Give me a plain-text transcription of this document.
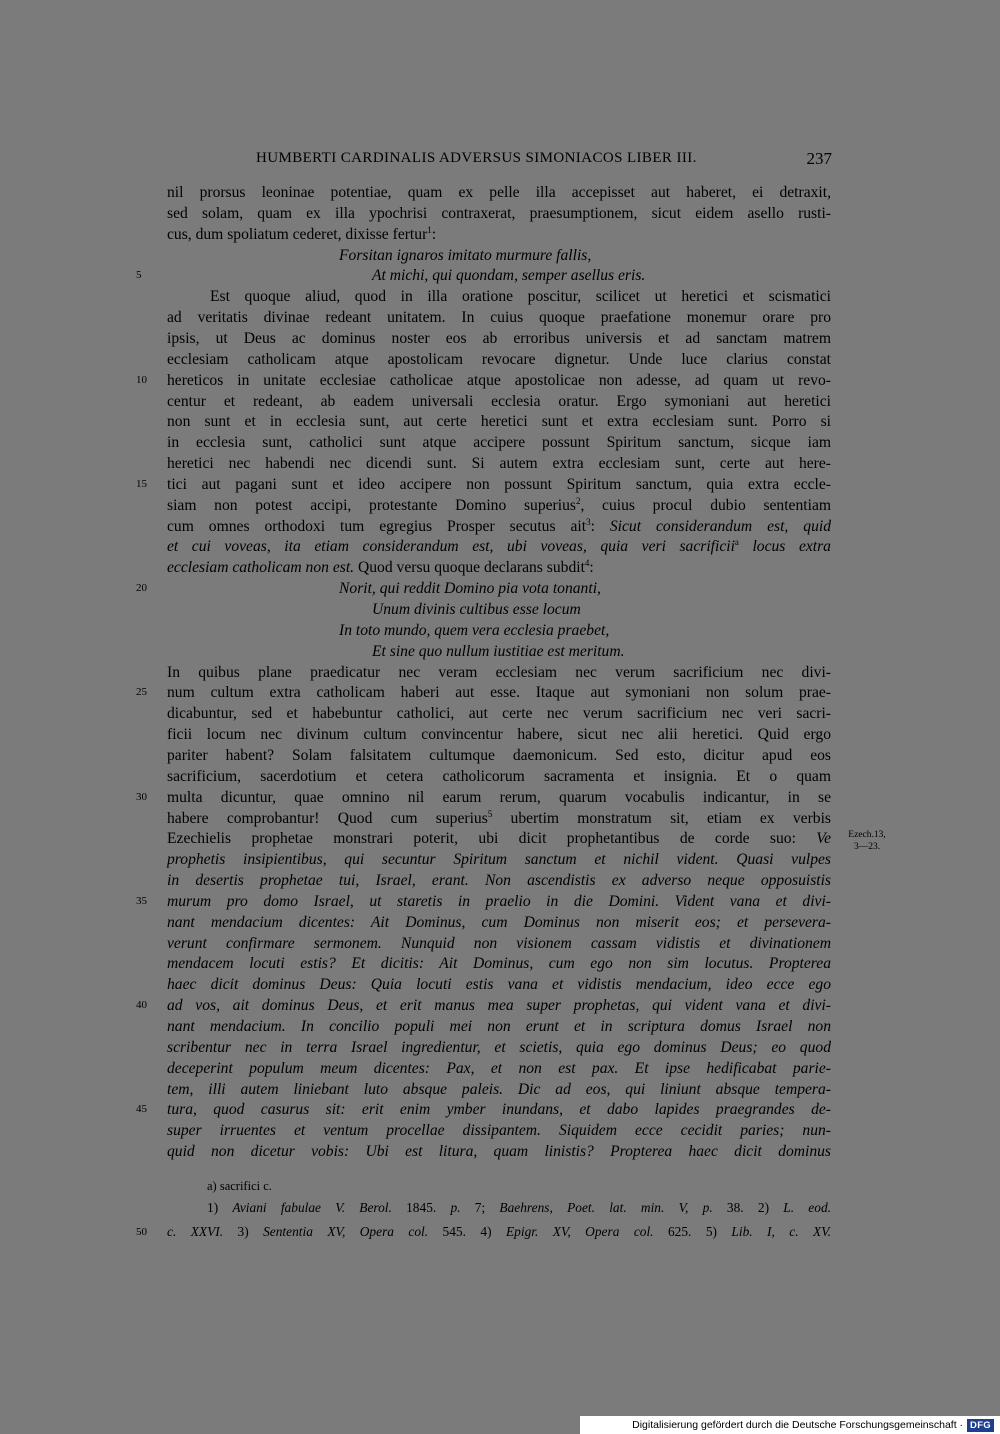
HUMBERTI CARDINALIS ADVERSUS SIMONIACOS LIBER III.	237
nil prorsus leoninae potentiae, quam ex pelle illa accepisset aut haberet, ei detraxit,
sed solam, quam ex illa ypochrisi contraxerat, praesumptionem, sicut eidem asello rusti-
cus, dum spoliatum cederet, dixisse fertur$^1$:
Forsitan ignaros imitato murmure fallis,
At michi, qui quondam, semper asellus eris.
Est quoque aliud, quod in illa oratione poscitur, scilicet ut heretici et scismatici
ad veritatis divinae redeant unitatem. In cuius quoque praefatione monemur orare pro
ipsis, ut Deus ac dominus noster eos ab erroribus universis et ad sanctam matrem
ecclesiam catholicam atque apostolicam revocare dignetur. Unde luce clarius constat
hereticos in unitate ecclesiae catholicae atque apostolicae non adesse, ad quam ut revo-
centur et redeant, ab eadem universali ecclesia oratur. Ergo symoniani aut heretici
non sunt et in ecclesia sunt, aut certe heretici sunt et extra ecclesiam sunt. Porro si
in ecclesia sunt, catholici sunt atque accipere possunt Spiritum sanctum, sicque iam
heretici nec habendi nec dicendi sunt. Si autem extra ecclesiam sunt, certe aut here-
tici aut pagani sunt et ideo accipere non possunt Spiritum sanctum, quia extra eccle-
siam non potest accipi, protestante Domino superius$^2$, cuius procul dubio sententiam
cum omnes orthodoxi tum egregius Prosper secutus ait$^3$: Sicut considerandum est, quid
et cui voveas, ita etiam considerandum est, ubi voveas, quia veri sacrificii$^a$ locus extra
ecclesiam catholicam non est. Quod versu quoque declarans subdit$^4$:
Norit, qui reddit Domino pia vota tonanti,
Unum divinis cultibus esse locum
In toto mundo, quem vera ecclesia praebet,
Et sine quo nullum iustitiae est meritum.
In quibus plane praedicatur nec veram ecclesiam nec verum sacrificium nec divi-
num cultum extra catholicam haberi aut esse. Itaque aut symoniani non solum prae-
dicabuntur, sed et habebuntur catholici, aut certe nec verum sacrificium nec veri sacri-
ficii locum nec divinum cultum convincentur habere, sicut nec alii heretici. Quid ergo
pariter habent? Solam falsitatem cultumque daemonicum. Sed esto, dicitur apud eos
sacrificium, sacerdotium et cetera catholicorum sacramenta et insignia. Et o quam
multa dicuntur, quae omnino nil earum rerum, quarum vocabulis indicantur, in se
habere comprobantur! Quod cum superius$^5$ ubertim monstratum sit, etiam ex verbis
Ezechielis prophetae monstrari poterit, ubi dicit prophetantibus de corde suo: Ve
prophetis insipientibus, qui secuntur Spiritum sanctum et nichil vident. Quasi vulpes
in desertis prophetae tui, Israel, erant. Non ascendistis ex adverso neque opposuistis
murum pro domo Israel, ut staretis in praelio in die Domini. Vident vana et divi-
nant mendacium dicentes: Ait Dominus, cum Dominus non miserit eos; et persevera-
verunt confirmare sermonem. Nunquid non visionem cassam vidistis et divinationem
mendacem locuti estis? Et dicitis: Ait Dominus, cum ego non sim locutus. Propterea
haec dicit dominus Deus: Quia locuti estis vana et vidistis mendacium, ideo ecce ego
ad vos, ait dominus Deus, et erit manus mea super prophetas, qui vident vana et divi-
nant mendacium. In concilio populi mei non erunt et in scriptura domus Israel non
scribentur nec in terra Israel ingredientur, et scietis, quia ego dominus Deus; eo quod
deceperint populum meum dicentes: Pax, et non est pax. Et ipse hedificabat parie-
tem, illi autem liniebant luto absque paleis. Dic ad eos, qui liniunt absque tempera-
tura, quod casurus sit: erit enim ymber inundans, et dabo lapides praegrandes de-
super irruentes et ventum procellae dissipantem. Siquidem ecce cecidit paries; nun-
quid non dicetur vobis: Ubi est litura, quam linistis? Propterea haec dicit dominus
5
10
15
20
25
30
35
40
45
50
Ezech.13,
3—23.
a) sacrifici c.
1) Aviani fabulae V. Berol. 1845. p. 7; Baehrens, Poet. lat. min. V, p. 38. 2) L. eod.
c. XXVI. 3) Sententia XV, Opera col. 545. 4) Epigr. XV, Opera col. 625. 5) Lib. I, c. XV.
Digitalisierung gefördert durch die Deutsche Forschungsgemeinschaft · DFG
